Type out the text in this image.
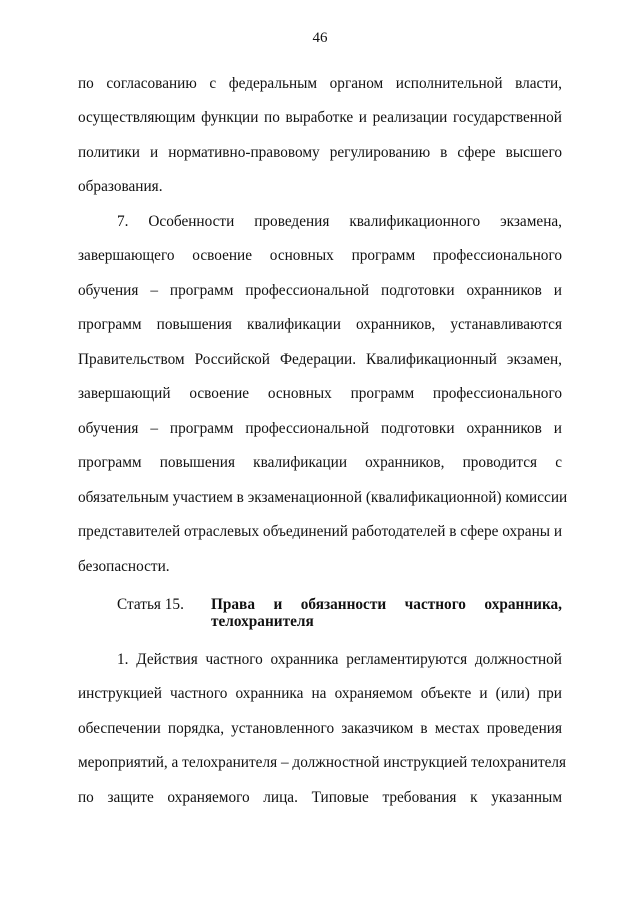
46
по согласованию с федеральным органом исполнительной власти,
осуществляющим функции по выработке и реализации государственной
политики и нормативно-правовому регулированию в сфере высшего
образования.
7. Особенности проведения квалификационного экзамена,
завершающего освоение основных программ профессионального
обучения – программ профессиональной подготовки охранников и
программ повышения квалификации охранников, устанавливаются
Правительством Российской Федерации. Квалификационный экзамен,
завершающий освоение основных программ профессионального
обучения – программ профессиональной подготовки охранников и
программ повышения квалификации охранников, проводится с
обязательным участием в экзаменационной (квалификационной) комиссии
представителей отраслевых объединений работодателей в сфере охраны и
безопасности.
Статья 15. Права и обязанности частного охранника,
телохранителя
1. Действия частного охранника регламентируются должностной
инструкцией частного охранника на охраняемом объекте и (или) при
обеспечении порядка, установленного заказчиком в местах проведения
мероприятий, а телохранителя – должностной инструкцией телохранителя
по защите охраняемого лица. Типовые требования к указанным
